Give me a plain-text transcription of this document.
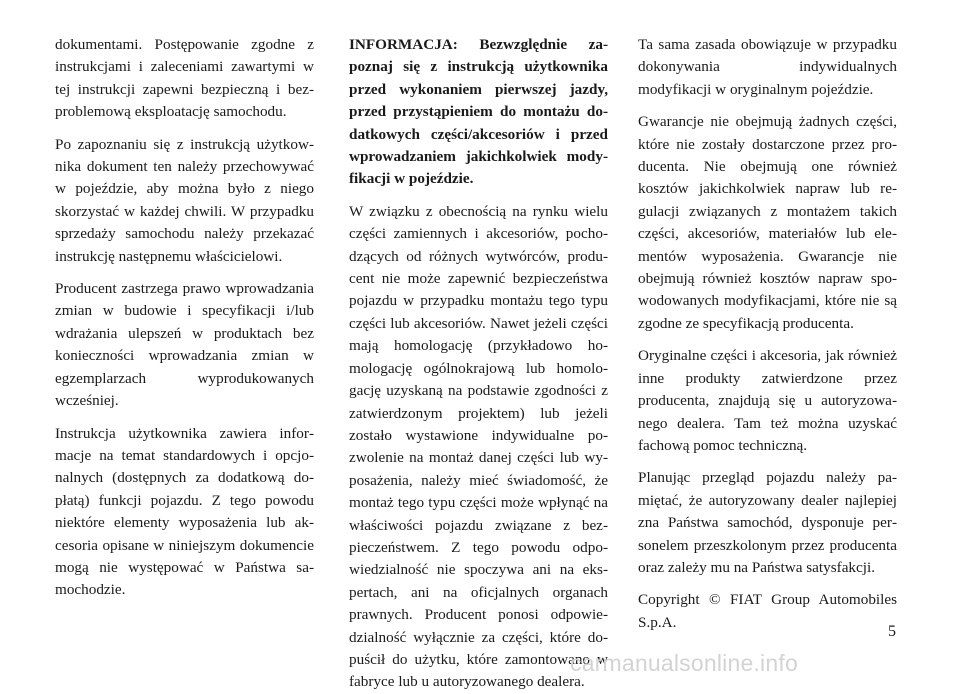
dokumentami. Postępowanie zgodne z instrukcjami i zaleceniami zawartymi w tej instrukcji zapewni bezpieczną i bezproblemową eksploatację samochodu.

Po zapoznaniu się z instrukcją użytkownika dokument ten należy przechowywać w pojeździe, aby można było z niego skorzystać w każdej chwili. W przypadku sprzedaży samochodu należy przekazać instrukcję następnemu właścicielowi.

Producent zastrzega prawo wprowadzania zmian w budowie i specyfikacji i/lub wdrażania ulepszeń w produktach bez konieczności wprowadzania zmian w egzemplarzach wyprodukowanych wcześniej.

Instrukcja użytkownika zawiera informacje na temat standardowych i opcjonalnych (dostępnych za dodatkową dopłatą) funkcji pojazdu. Z tego powodu niektóre elementy wyposażenia lub akcesoria opisane w niniejszym dokumencie mogą nie występować w Państwa samochodzie.

INFORMACJA: Bezwzględnie zapoznaj się z instrukcją użytkownika przed wykonaniem pierwszej jazdy, przed przystąpieniem do montażu dodatkowych części/akcesoriów i przed wprowadzaniem jakichkolwiek modyfikacji w pojeździe.

W związku z obecnością na rynku wielu części zamiennych i akcesoriów, pochodzących od różnych wytwórców, producent nie może zapewnić bezpieczeństwa pojazdu w przypadku montażu tego typu części lub akcesoriów. Nawet jeżeli części mają homologację (przykładowo homologację ogólnokrajową lub homologację uzyskaną na podstawie zgodności z zatwierdzonym projektem) lub jeżeli zostało wystawione indywidualne pozwolenie na montaż danej części lub wyposażenia, należy mieć świadomość, że montaż tego typu części może wpłynąć na właściwości pojazdu związane z bezpieczeństwem. Z tego powodu odpowiedzialność nie spoczywa ani na ekspertach, ani na oficjalnych organach prawnych. Producent ponosi odpowiedzialność wyłącznie za części, które dopuścił do użytku, które zamontowano w fabryce lub u autoryzowanego dealera.

Ta sama zasada obowiązuje w przypadku dokonywania indywidualnych modyfikacji w oryginalnym pojeździe.

Gwarancje nie obejmują żadnych części, które nie zostały dostarczone przez producenta. Nie obejmują one również kosztów jakichkolwiek napraw lub regulacji związanych z montażem takich części, akcesoriów, materiałów lub elementów wyposażenia. Gwarancje nie obejmują również kosztów napraw spowodowanych modyfikacjami, które nie są zgodne ze specyfikacją producenta.

Oryginalne części i akcesoria, jak również inne produkty zatwierdzone przez producenta, znajdują się u autoryzowanego dealera. Tam też można uzyskać fachową pomoc techniczną.

Planując przegląd pojazdu należy pamiętać, że autoryzowany dealer najlepiej zna Państwa samochód, dysponuje personelem przeszkolonym przez producenta oraz zależy mu na Państwa satysfakcji.

Copyright © FIAT Group Automobiles S.p.A.

5
carmanualsonline.info
